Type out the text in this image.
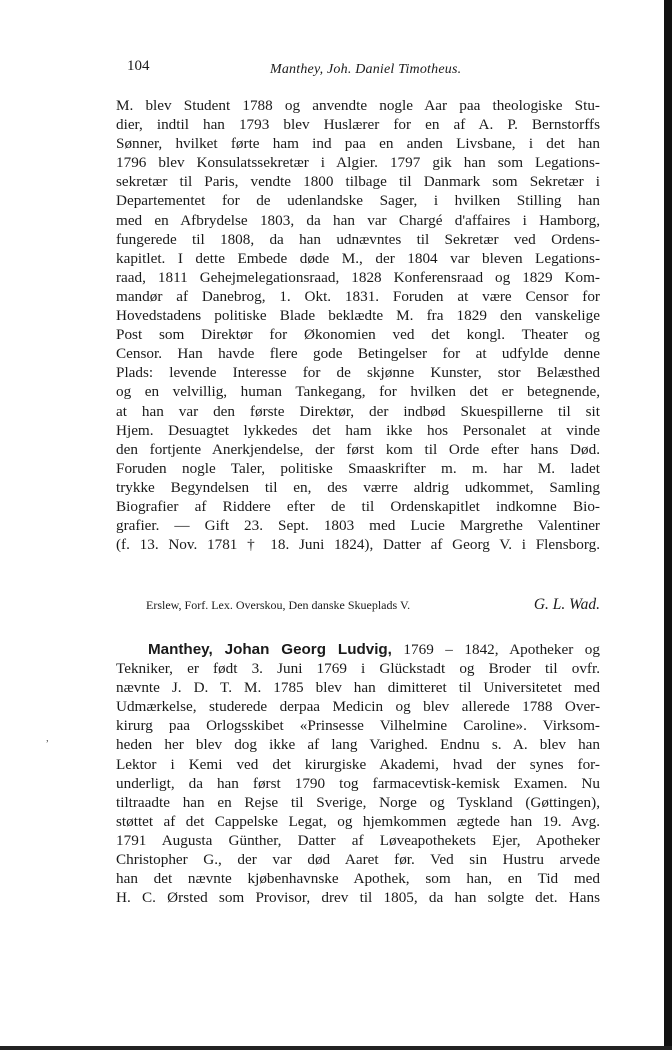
104	Manthey, Joh. Daniel Timotheus.
M. blev Student 1788 og anvendte nogle Aar paa theologiske Stu-
dier, indtil han 1793 blev Huslærer for en af A. P. Bernstorffs
Sønner, hvilket førte ham ind paa en anden Livsbane, i det han
1796 blev Konsulatssekretær i Algier. 1797 gik han som Legations-
sekretær til Paris, vendte 1800 tilbage til Danmark som Sekretær i
Departementet for de udenlandske Sager, i hvilken Stilling han
med en Afbrydelse 1803, da han var Chargé d'affaires i Hamborg,
fungerede til 1808, da han udnævntes til Sekretær ved Ordens-
kapitlet. I dette Embede døde M., der 1804 var bleven Legations-
raad, 1811 Gehejmelegationsraad, 1828 Konferensraad og 1829 Kom-
mandør af Danebrog, 1. Okt. 1831. Foruden at være Censor for
Hovedstadens politiske Blade beklædte M. fra 1829 den vanskelige
Post som Direktør for Økonomien ved det kongl. Theater og
Censor. Han havde flere gode Betingelser for at udfylde denne
Plads: levende Interesse for de skjønne Kunster, stor Belæsthed
og en velvillig, human Tankegang, for hvilken det er betegnende,
at han var den første Direktør, der indbød Skuespillerne til sit
Hjem. Desuagtet lykkedes det ham ikke hos Personalet at vinde
den fortjente Anerkjendelse, der først kom til Orde efter hans Død.
Foruden nogle Taler, politiske Smaaskrifter m. m. har M. ladet
trykke Begyndelsen til en, des værre aldrig udkommet, Samling
Biografier af Riddere efter de til Ordenskapitlet indkomne Bio-
grafier. — Gift 23. Sept. 1803 med Lucie Margrethe Valentiner
(f. 13. Nov. 1781 † 18. Juni 1824), Datter af Georg V. i Flensborg.
Erslew, Forf. Lex. Overskou, Den danske Skueplads V.	G. L. Wad.
,
Manthey, Johan Georg Ludvig, 1769 – 1842, Apotheker og
Tekniker, er født 3. Juni 1769 i Glückstadt og Broder til ovfr.
nævnte J. D. T. M. 1785 blev han dimitteret til Universitetet med
Udmærkelse, studerede derpaa Medicin og blev allerede 1788 Over-
kirurg paa Orlogsskibet «Prinsesse Vilhelmine Caroline». Virksom-
heden her blev dog ikke af lang Varighed. Endnu s. A. blev han
Lektor i Kemi ved det kirurgiske Akademi, hvad der synes for-
underligt, da han først 1790 tog farmacevtisk-kemisk Examen. Nu
tiltraadte han en Rejse til Sverige, Norge og Tyskland (Gøttingen),
støttet af det Cappelske Legat, og hjemkommen ægtede han 19. Avg.
1791 Augusta Günther, Datter af Løveapothekets Ejer, Apotheker
Christopher G., der var død Aaret før. Ved sin Hustru arvede
han det nævnte kjøbenhavnske Apothek, som han, en Tid med
H. C. Ørsted som Provisor, drev til 1805, da han solgte det. Hans
